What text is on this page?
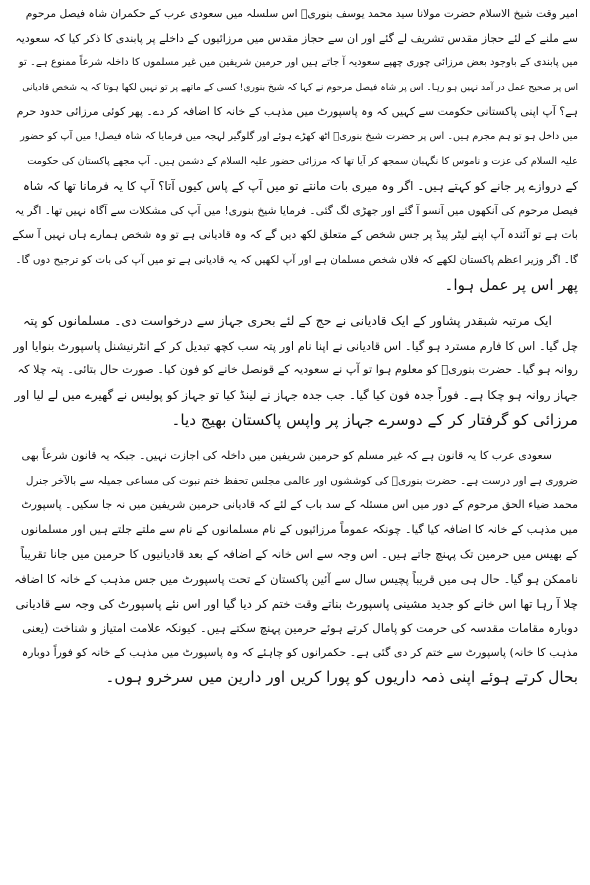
امیر وقت شیخ الاسلام حضرت مولانا سید محمد یوسف بنوریؒ اس سلسلہ میں سعودی عرب کے حکمران شاہ فیصل مرحوم
سے ملنے کے لئے حجاز مقدس تشریف لے گئے اور ان سے حجاز مقدس میں مرزائیوں کے داخلے پر پابندی کا ذکر کیا کہ سعودیہ
میں پابندی کے باوجود بعض مرزائی چوری چھپے سعودیہ آ جاتے ہیں اور حرمین شریفین میں غیر مسلموں کا داخلہ شرعاً ممنوع ہے۔ تو
اس پر صحیح عمل در آمد نہیں ہو رہا۔ اس پر شاہ فیصل مرحوم نے کہا کہ شیخ بنوری! کسی کے ماتھے پر تو نہیں لکھا ہوتا کہ یہ شخص قادیانی
ہے؟ آپ اپنی پاکستانی حکومت سے کہیں کہ وہ پاسپورٹ میں مذہب کے خانہ کا اضافہ کر دے۔ پھر کوئی مرزائی حدود حرم
میں داخل ہو تو ہم مجرم ہیں۔ اس پر حضرت شیخ بنوریؒ اٹھ کھڑے ہوئے اور گلوگیر لہجہ میں فرمایا کہ شاہ فیصل! میں آپ کو حضور
علیہ السلام کی عزت و ناموس کا نگہبان سمجھ کر آیا تھا کہ مرزائی حضور علیہ السلام کے دشمن ہیں۔ آپ مجھے پاکستان کی حکومت
کے دروازے پر جانے کو کہتے ہیں۔ اگر وہ میری بات مانتے تو میں آپ کے پاس کیوں آتا؟ آپ کا یہ فرمانا تھا کہ شاہ
فیصل مرحوم کی آنکھوں میں آنسو آ گئے اور جھڑی لگ گئی۔ فرمایا شیخ بنوری! میں آپ کی مشکلات سے آگاہ نہیں تھا۔ اگر یہ
بات ہے تو آئندہ آپ اپنے لیٹر پیڈ پر جس شخص کے متعلق لکھ دیں گے کہ وہ قادیانی ہے تو وہ شخص ہمارے ہاں نہیں آ سکے
گا۔ اگر وزیر اعظم پاکستان لکھے کہ فلاں شخص مسلمان ہے اور آپ لکھیں کہ یہ قادیانی ہے تو میں آپ کی بات کو ترجیح دوں گا۔
پھر اس پر عمل ہوا۔
ایک مرتبہ شبقدر پشاور کے ایک قادیانی نے حج کے لئے بحری جہاز سے درخواست دی۔ مسلمانوں کو پتہ
چل گیا۔ اس کا فارم مسترد ہو گیا۔ اس قادیانی نے اپنا نام اور پتہ سب کچھ تبدیل کر کے انٹرنیشنل پاسپورٹ بنوایا اور
روانہ ہو گیا۔ حضرت بنوریؒ کو معلوم ہوا تو آپ نے سعودیہ کے قونصل خانے کو فون کیا۔ صورت حال بتائی۔ پتہ چلا کہ
جہاز روانہ ہو چکا ہے۔ فوراً جدہ فون کیا گیا۔ جب جدہ جہاز نے لینڈ کیا تو جہاز کو پولیس نے گھیرے میں لے لیا اور
مرزائی کو گرفتار کر کے دوسرے جہاز پر واپس پاکستان بھیج دیا۔
سعودی عرب کا یہ قانون ہے کہ غیر مسلم کو حرمین شریفین میں داخلہ کی اجازت نہیں۔ جبکہ یہ قانون شرعاً بھی
ضروری ہے اور درست ہے۔ حضرت بنوریؒ کی کوششوں اور عالمی مجلس تحفظ ختم نبوت کی مساعی جمیلہ سے بالآخر جنرل
محمد ضیاء الحق مرحوم کے دور میں اس مسئلہ کے سد باب کے لئے کہ قادیانی حرمین شریفین میں نہ جا سکیں۔ پاسپورٹ
میں مذہب کے خانہ کا اضافہ کیا گیا۔ چونکہ عموماً مرزائیوں کے نام مسلمانوں کے نام سے ملتے جلتے ہیں اور مسلمانوں
کے بھیس میں حرمین تک پہنچ جاتے ہیں۔ اس وجہ سے اس خانہ کے اضافہ کے بعد قادیانیوں کا حرمین میں جانا تقریباً
ناممکن ہو گیا۔ حال ہی میں قریباً پچیس سال سے آئین پاکستان کے تحت پاسپورٹ میں جس مذہب کے خانہ کا اضافہ
چلا آ رہا تھا اس خانے کو جدید مشینی پاسپورٹ بناتے وقت ختم کر دیا گیا اور اس نئے پاسپورٹ کی وجہ سے قادیانی
دوبارہ مقامات مقدسہ کی حرمت کو پامال کرتے ہوئے حرمین پہنچ سکتے ہیں۔ کیونکہ علامت امتیاز و شناخت (یعنی
مذہب کا خانہ) پاسپورٹ سے ختم کر دی گئی ہے۔ حکمرانوں کو چاہئے کہ وہ پاسپورٹ میں مذہب کے خانہ کو فوراً دوبارہ
بحال کرتے ہوئے اپنی ذمہ داریوں کو پورا کریں اور دارین میں سرخرو ہوں۔
